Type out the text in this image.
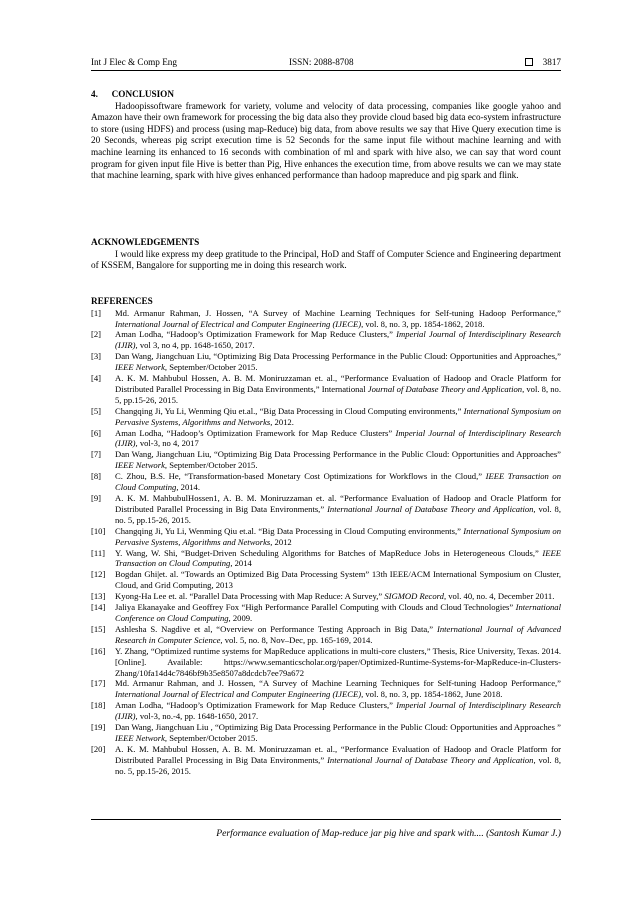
Int J Elec & Comp Eng	ISSN: 2088-8708	3817

4.      CONCLUSION

Hadoopissoftware framework for variety, volume and velocity of data processing, companies like google yahoo and Amazon have their own framework for processing the big data also they provide cloud based big data eco-system infrastructure to store (using HDFS) and process (using map-Reduce) big data, from above results we say that Hive Query execution time is 20 Seconds, whereas pig script execution time is 52 Seconds for the same input file without machine learning and with machine learning its enhanced to 16 seconds with combination of ml and spark with hive also, we can say that word count program for given input file Hive is better than Pig, Hive enhances the execution time, from above results we can we may state that machine learning, spark with hive gives enhanced performance than hadoop mapreduce and pig spark and flink.

ACKNOWLEDGEMENTS

I would like express my deep gratitude to the Principal, HoD and Staff of Computer Science and Engineering department of KSSEM, Bangalore for supporting me in doing this research work.

REFERENCES

[1]	Md. Armanur Rahman, J. Hossen, “A Survey of Machine Learning Techniques for Self-tuning Hadoop Performance,” International Journal of Electrical and Computer Engineering (IJECE), vol. 8, no. 3, pp. 1854-1862, 2018.
[2]	Aman Lodha, “Hadoop’s Optimization Framework for Map Reduce Clusters,” Imperial Journal of Interdisciplinary Research (IJIR), vol 3, no 4, pp. 1648-1650, 2017.
[3]	Dan Wang, Jiangchuan Liu, “Optimizing Big Data Processing Performance in the Public Cloud: Opportunities and Approaches,” IEEE Network, September/October 2015.
[4]	A. K. M. Mahbubul Hossen, A. B. M. Moniruzzaman et. al., “Performance Evaluation of Hadoop and Oracle Platform for Distributed Parallel Processing in Big Data Environments,” International Journal of Database Theory and Application, vol. 8, no. 5, pp.15-26, 2015.
[5]	Changqing Ji, Yu Li, Wenming Qiu et.al., “Big Data Processing in Cloud Computing environments,” International Symposium on Pervasive Systems, Algorithms and Networks, 2012.
[6]	Aman Lodha, “Hadoop’s Optimization Framework for Map Reduce Clusters” Imperial Journal of Interdisciplinary Research (IJIR), vol-3, no 4, 2017
[7]	Dan Wang, Jiangchuan Liu, “Optimizing Big Data Processing Performance in the Public Cloud: Opportunities and Approaches” IEEE Network, September/October 2015.
[8]	C. Zhou, B.S. He, “Transformation-based Monetary Cost Optimizations for Workflows in the Cloud,” IEEE Transaction on Cloud Computing, 2014.
[9]	A. K. M. MahbubulHossen1, A. B. M. Moniruzzaman et. al. “Performance Evaluation of Hadoop and Oracle Platform for Distributed Parallel Processing in Big Data Environments,” International Journal of Database Theory and Application, vol. 8, no. 5, pp.15-26, 2015.
[10]	Changqing Ji, Yu Li, Wenming Qiu et.al. “Big Data Processing in Cloud Computing environments,” International Symposium on Pervasive Systems, Algorithms and Networks, 2012
[11]	Y. Wang, W. Shi, “Budget-Driven Scheduling Algorithms for Batches of MapReduce Jobs in Heterogeneous Clouds,” IEEE Transaction on Cloud Computing, 2014
[12]	Bogdan Ghi|et. al. “Towards an Optimized Big Data Processing System” 13th IEEE/ACM International Symposium on Cluster, Cloud, and Grid Computing, 2013
[13]	Kyong-Ha Lee et. al. “Parallel Data Processing with Map Reduce: A Survey,” SIGMOD Record, vol. 40, no. 4, December 2011.
[14]	Jaliya Ekanayake and Geoffrey Fox “High Performance Parallel Computing with Clouds and Cloud Technologies” International Conference on Cloud Computing, 2009.
[15]	Ashlesha S. Nagdive et al, “Overview on Performance Testing Approach in Big Data,” International Journal of Advanced Research in Computer Science, vol. 5, no. 8, Nov–Dec, pp. 165-169, 2014.
[16]	Y. Zhang, “Optimized runtime systems for MapReduce applications in multi-core clusters,” Thesis, Rice University, Texas. 2014. [Online]. Available: https://www.semanticscholar.org/paper/Optimized-Runtime-Systems-for-MapReduce-in-Clusters-Zhang/10fa14d4c7846bf9b35e8507a8dcdcb7ee79a672
[17]	Md. Armanur Rahman, and J. Hossen, “A Survey of Machine Learning Techniques for Self-tuning Hadoop Performance,” International Journal of Electrical and Computer Engineering (IJECE), vol. 8, no. 3, pp. 1854-1862, June 2018.
[18]	Aman Lodha, “Hadoop’s Optimization Framework for Map Reduce Clusters,” Imperial Journal of Interdisciplinary Research (IJIR), vol-3, no.-4, pp. 1648-1650, 2017.
[19]	Dan Wang, Jiangchuan Liu , “Optimizing Big Data Processing Performance in the Public Cloud: Opportunities and Approaches ” IEEE Network, September/October 2015.
[20]	A. K. M. Mahbubul Hossen, A. B. M. Moniruzzaman et. al., “Performance Evaluation of Hadoop and Oracle Platform for Distributed Parallel Processing in Big Data Environments,” International Journal of Database Theory and Application, vol. 8, no. 5, pp.15-26, 2015.
Performance evaluation of Map-reduce jar pig hive and spark with.... (Santosh Kumar J.)
